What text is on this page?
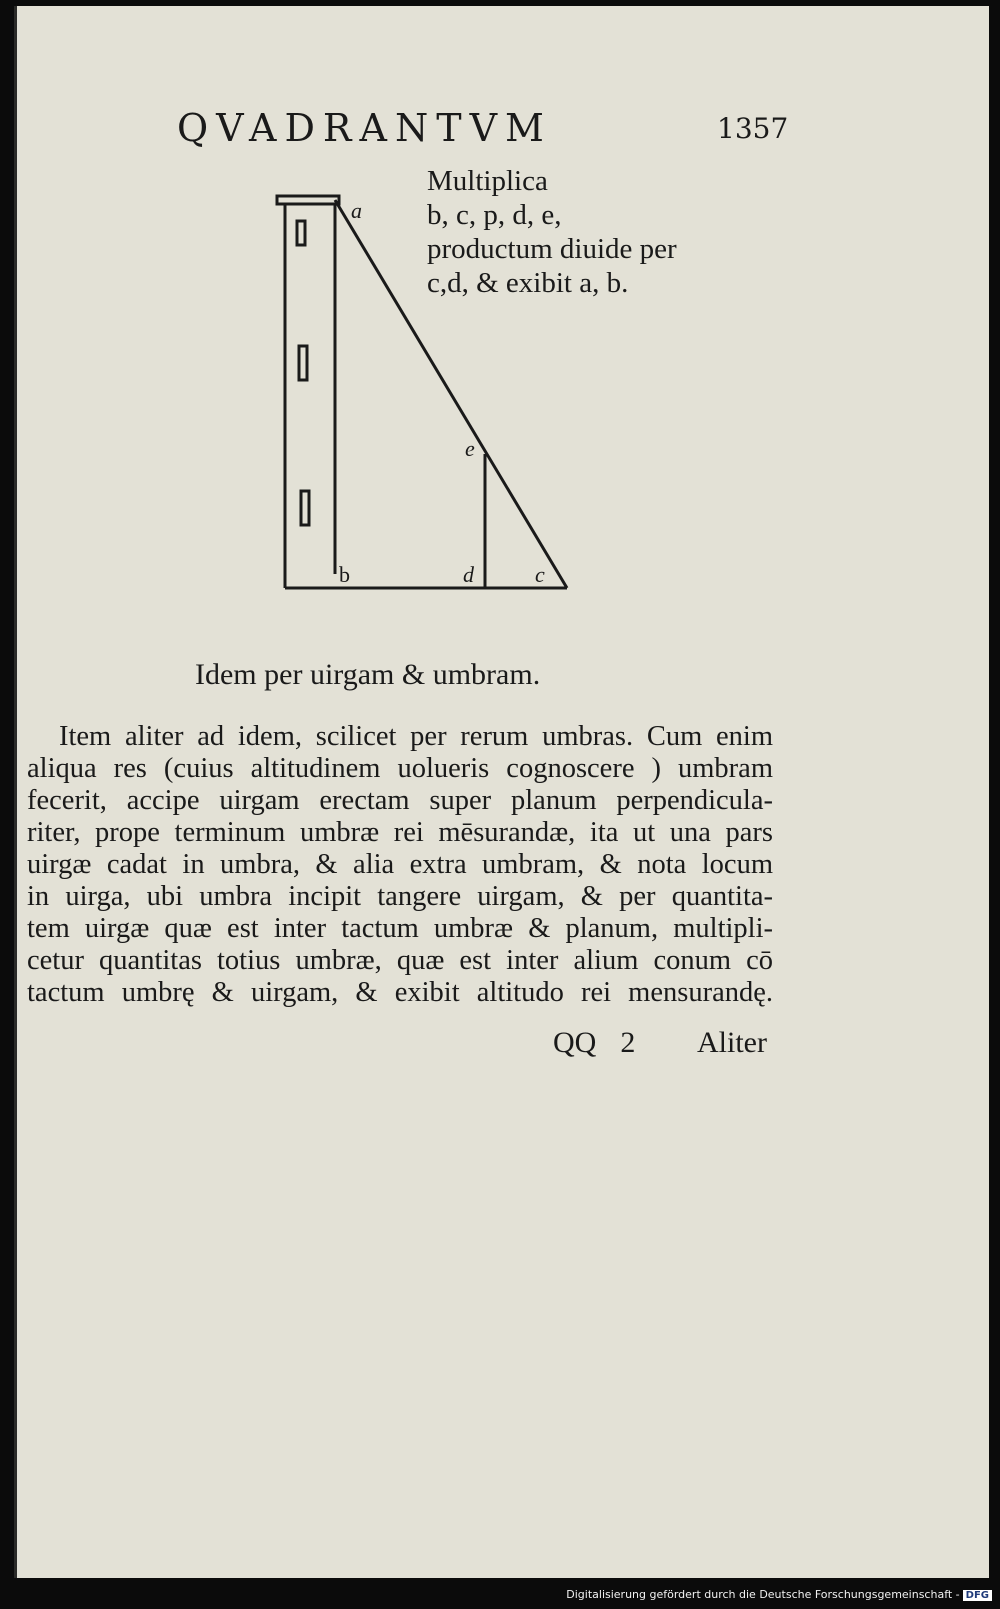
QVADRANTVM	1357
a
e
b	d	c
Multiplica
b, c, p, d, e,
productum diuide per
c,d, & exibit a, b.
Idem per uirgam & umbram.
Item aliter ad idem, scilicet per rerum umbras. Cum enim
aliqua res (cuius altitudinem uolueris cognoscere ) umbram
fecerit, accipe uirgam erectam super planum perpendicula-
riter, prope terminum umbræ rei mēsurandæ, ita ut una pars
uirgæ cadat in umbra, & alia extra umbram, & nota locum
in uirga, ubi umbra incipit tangere uirgam, & per quantita-
tem uirgæ quæ est inter tactum umbræ & planum, multipli-
cetur quantitas totius umbræ, quæ est inter alium conum cō
tactum umbrę & uirgam, & exibit altitudo rei mensurandę.
QQ 2	Aliter
Digitalisierung gefördert durch die Deutsche Forschungsgemeinschaft - DFG
